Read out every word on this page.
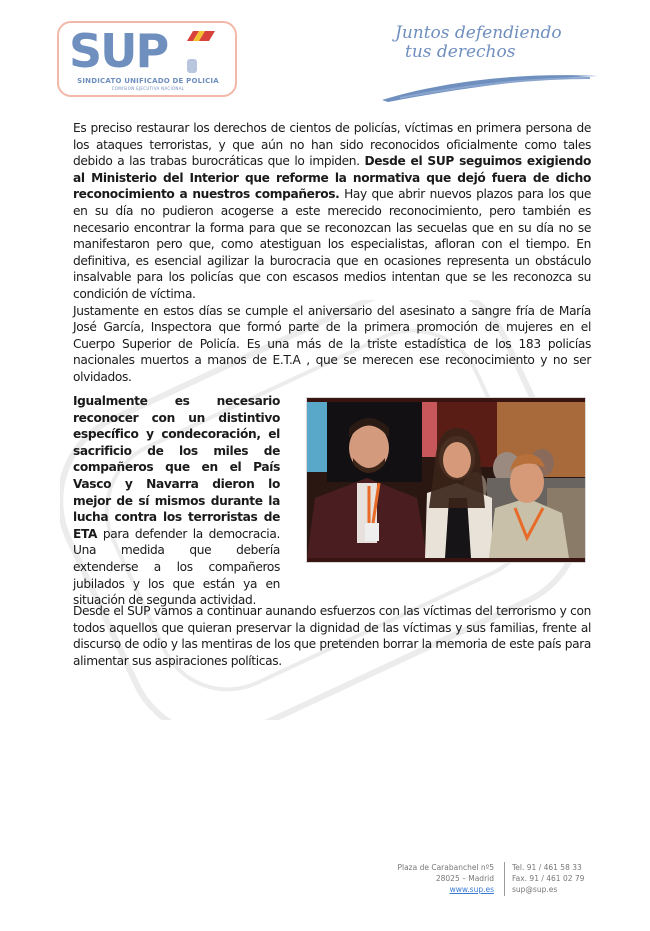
SUP
SINDICATO UNIFICADO DE POLICIA
COMISION EJECUTIVA NACIONAL
Juntos defendiendo
tus derechos

Es preciso restaurar los derechos de cientos de policías, víctimas en primera persona de los ataques terroristas, y que aún no han sido reconocidos oficialmente como tales debido a las trabas burocráticas que lo impiden. Desde el SUP seguimos exigiendo al Ministerio del Interior que reforme la normativa que dejó fuera de dicho reconocimiento a nuestros compañeros. Hay que abrir nuevos plazos para los que en su día no pudieron acogerse a este merecido reconocimiento, pero también es necesario encontrar la forma para que se reconozcan las secuelas que en su día no se manifestaron pero que, como atestiguan los especialistas, afloran con el tiempo. En definitiva, es esencial agilizar la burocracia que en ocasiones representa un obstáculo insalvable para los policías que con escasos medios intentan que se les reconozca su condición de víctima.

Justamente en estos días se cumple el aniversario del asesinato a sangre fría de María José García, Inspectora que formó parte de la primera promoción de mujeres en el Cuerpo Superior de Policía. Es una más de la triste estadística de los 183 policías nacionales muertos a manos de E.T.A , que se merecen ese reconocimiento y no ser olvidados.

Igualmente es necesario reconocer con un distintivo específico y condecoración, el sacrificio de los miles de compañeros que en el País Vasco y Navarra dieron lo mejor de sí mismos durante la lucha contra los terroristas de ETA para defender la democracia. Una medida que debería extenderse a los compañeros jubilados y los que están ya en situación de segunda actividad.
Desde el SUP vamos a continuar aunando esfuerzos con las víctimas del terrorismo y con todos aquellos que quieran preservar la dignidad de las víctimas y sus familias, frente al discurso de odio y las mentiras de los que pretenden borrar la memoria de este país para alimentar sus aspiraciones políticas.
Plaza de Carabanchel nº5
28025 – Madrid
www.sup.es
Tel. 91 / 461 58 33
Fax. 91 / 461 02 79
sup@sup.es
